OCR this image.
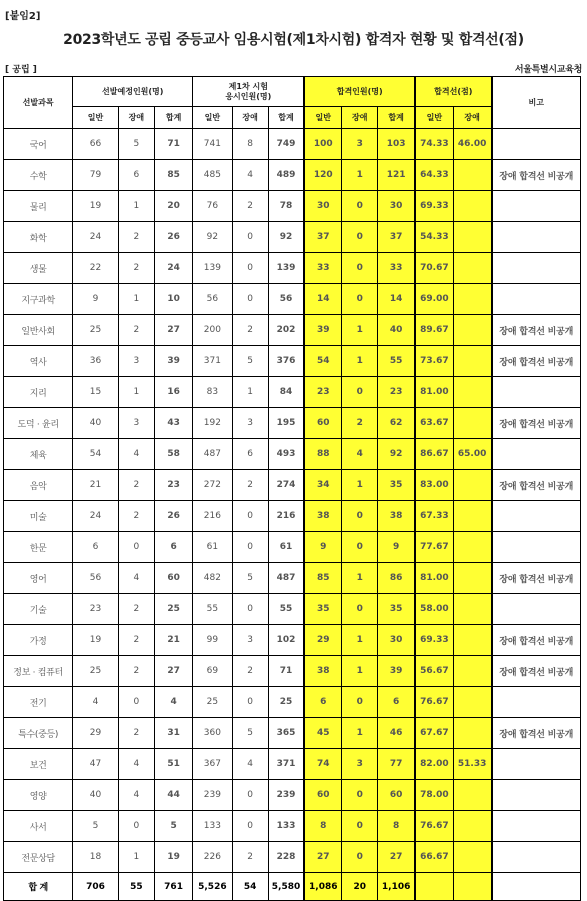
[붙임2]
2023학년도 공립 중등교사 임용시험(제1차시험) 합격자 현황 및 합격선(점)
[ 공립 ]	서울특별시교육청
선발과목	선발예정인원(명)			제1차 시험
응시인원(명)			합격인원(명)			합격선(점)		비고
	일반	장애	합계	일반	장애	합계	일반	장애	합계	일반	장애	
국어	66	5	71	741	8	749	100	3	103	74.33	46.00	
수학	79	6	85	485	4	489	120	1	121	64.33		장애 합격선 비공개
물리	19	1	20	76	2	78	30	0	30	69.33		
화학	24	2	26	92	0	92	37	0	37	54.33		
생물	22	2	24	139	0	139	33	0	33	70.67		
지구과학	9	1	10	56	0	56	14	0	14	69.00		
일반사회	25	2	27	200	2	202	39	1	40	89.67		장애 합격선 비공개
역사	36	3	39	371	5	376	54	1	55	73.67		장애 합격선 비공개
지리	15	1	16	83	1	84	23	0	23	81.00		
도덕 · 윤리	40	3	43	192	3	195	60	2	62	63.67		장애 합격선 비공개
체육	54	4	58	487	6	493	88	4	92	86.67	65.00	
음악	21	2	23	272	2	274	34	1	35	83.00		장애 합격선 비공개
미술	24	2	26	216	0	216	38	0	38	67.33		
한문	6	0	6	61	0	61	9	0	9	77.67		
영어	56	4	60	482	5	487	85	1	86	81.00		장애 합격선 비공개
기술	23	2	25	55	0	55	35	0	35	58.00		
가정	19	2	21	99	3	102	29	1	30	69.33		장애 합격선 비공개
정보 · 컴퓨터	25	2	27	69	2	71	38	1	39	56.67		장애 합격선 비공개
전기	4	0	4	25	0	25	6	0	6	76.67		
특수(중등)	29	2	31	360	5	365	45	1	46	67.67		장애 합격선 비공개
보건	47	4	51	367	4	371	74	3	77	82.00	51.33	
영양	40	4	44	239	0	239	60	0	60	78.00		
사서	5	0	5	133	0	133	8	0	8	76.67		
전문상담	18	1	19	226	2	228	27	0	27	66.67		
합 계	706	55	761	5,526	54	5,580	1,086	20	1,106			
